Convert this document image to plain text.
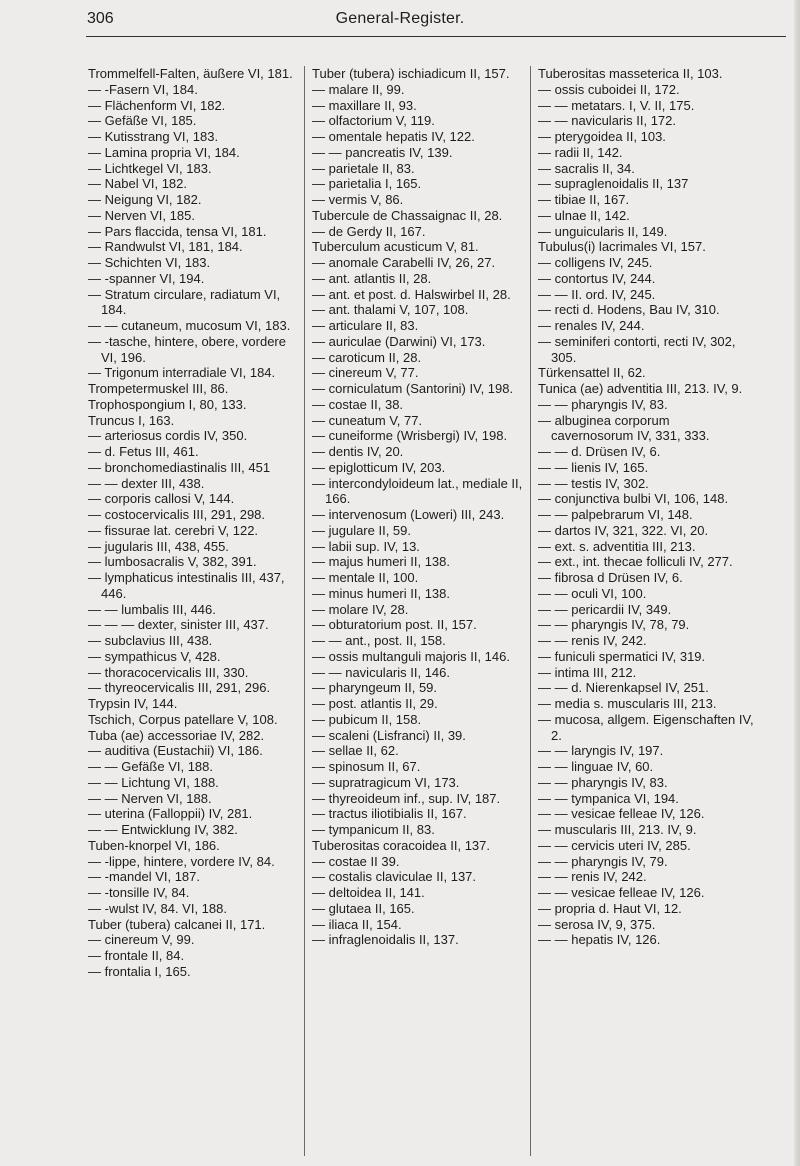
306	General-Register.
Trommelfell-Falten, äußere VI, 181.
— -Fasern VI, 184.
— Flächenform VI, 182.
— Gefäße VI, 185.
— Kutisstrang VI, 183.
— Lamina propria VI, 184.
— Lichtkegel VI, 183.
— Nabel VI, 182.
— Neigung VI, 182.
— Nerven VI, 185.
— Pars flaccida, tensa VI, 181.
— Randwulst VI, 181, 184.
— Schichten VI, 183.
— -spanner VI, 194.
— Stratum circulare, radiatum VI, 184.
— — cutaneum, mucosum VI, 183.
— -tasche, hintere, obere, vordere VI, 196.
— Trigonum interradiale VI, 184.
Trompetermuskel III, 86.
Trophospongium I, 80, 133.
Truncus I, 163.
— arteriosus cordis IV, 350.
— d. Fetus III, 461.
— bronchomediastinalis III, 451
— — dexter III, 438.
— corporis callosi V, 144.
— costocervicalis III, 291, 298.
— fissurae lat. cerebri V, 122.
— jugularis III, 438, 455.
— lumbosacralis V, 382, 391.
— lymphaticus intestinalis III, 437, 446.
— — lumbalis III, 446.
— — — dexter, sinister III, 437.
— subclavius III, 438.
— sympathicus V, 428.
— thoracocervicalis III, 330.
— thyreocervicalis III, 291, 296.
Trypsin IV, 144.
Tschich, Corpus patellare V, 108.
Tuba (ae) accessoriae IV, 282.
— auditiva (Eustachii) VI, 186.
— — Gefäße VI, 188.
— — Lichtung VI, 188.
— — Nerven VI, 188.
— uterina (Falloppii) IV, 281.
— — Entwicklung IV, 382.
Tuben-knorpel VI, 186.
— -lippe, hintere, vordere IV, 84.
— -mandel VI, 187.
— -tonsille IV, 84.
— -wulst IV, 84. VI, 188.
Tuber (tubera) calcanei II, 171.
— cinereum V, 99.
— frontale II, 84.
— frontalia I, 165.
Tuber (tubera) ischiadicum II, 157.
— malare II, 99.
— maxillare II, 93.
— olfactorium V, 119.
— omentale hepatis IV, 122.
— — pancreatis IV, 139.
— parietale II, 83.
— parietalia I, 165.
— vermis V, 86.
Tubercule de Chassaignac II, 28.
— de Gerdy II, 167.
Tuberculum acusticum V, 81.
— anomale Carabelli IV, 26, 27.
— ant. atlantis II, 28.
— ant. et post. d. Halswirbel II, 28.
— ant. thalami V, 107, 108.
— articulare II, 83.
— auriculae (Darwini) VI, 173.
— caroticum II, 28.
— cinereum V, 77.
— corniculatum (Santorini) IV, 198.
— costae II, 38.
— cuneatum V, 77.
— cuneiforme (Wrisbergi) IV, 198.
— dentis IV, 20.
— epiglotticum IV, 203.
— intercondyloideum lat., mediale II, 166.
— intervenosum (Loweri) III, 243.
— jugulare II, 59.
— labii sup. IV, 13.
— majus humeri II, 138.
— mentale II, 100.
— minus humeri II, 138.
— molare IV, 28.
— obturatorium post. II, 157.
— — ant., post. II, 158.
— ossis multanguli majoris II, 146.
— — navicularis II, 146.
— pharyngeum II, 59.
— post. atlantis II, 29.
— pubicum II, 158.
— scaleni (Lisfranci) II, 39.
— sellae II, 62.
— spinosum II, 67.
— supratragicum VI, 173.
— thyreoideum inf., sup. IV, 187.
— tractus iliotibialis II, 167.
— tympanicum II, 83.
Tuberositas coracoidea II, 137.
— costae II 39.
— costalis claviculae II, 137.
— deltoidea II, 141.
— glutaea II, 165.
— iliaca II, 154.
— infraglenoidalis II, 137.
Tuberositas masseterica II, 103.
— ossis cuboidei II, 172.
— — metatars. I, V. II, 175.
— — navicularis II, 172.
— pterygoidea II, 103.
— radii II, 142.
— sacralis II, 34.
— supraglenoidalis II, 137
— tibiae II, 167.
— ulnae II, 142.
— unguicularis II, 149.
Tubulus(i) lacrimales VI, 157.
— colligens IV, 245.
— contortus IV, 244.
— — II. ord. IV, 245.
— recti d. Hodens, Bau IV, 310.
— renales IV, 244.
— seminiferi contorti, recti IV, 302, 305.
Türkensattel II, 62.
Tunica (ae) adventitia III, 213. IV, 9.
— — pharyngis IV, 83.
— albuginea corporum cavernosorum IV, 331, 333.
— — d. Drüsen IV, 6.
— — lienis IV, 165.
— — testis IV, 302.
— conjunctiva bulbi VI, 106, 148.
— — palpebrarum VI, 148.
— dartos IV, 321, 322. VI, 20.
— ext. s. adventitia III, 213.
— ext., int. thecae folliculi IV, 277.
— fibrosa d Drüsen IV, 6.
— — oculi VI, 100.
— — pericardii IV, 349.
— — pharyngis IV, 78, 79.
— — renis IV, 242.
— funiculi spermatici IV, 319.
— intima III, 212.
— — d. Nierenkapsel IV, 251.
— media s. muscularis III, 213.
— mucosa, allgem. Eigenschaften IV, 2.
— — laryngis IV, 197.
— — linguae IV, 60.
— — pharyngis IV, 83.
— — tympanica VI, 194.
— — vesicae felleae IV, 126.
— muscularis III, 213. IV, 9.
— — cervicis uteri IV, 285.
— — pharyngis IV, 79.
— — renis IV, 242.
— — vesicae felleae IV, 126.
— propria d. Haut VI, 12.
— serosa IV, 9, 375.
— — hepatis IV, 126.
